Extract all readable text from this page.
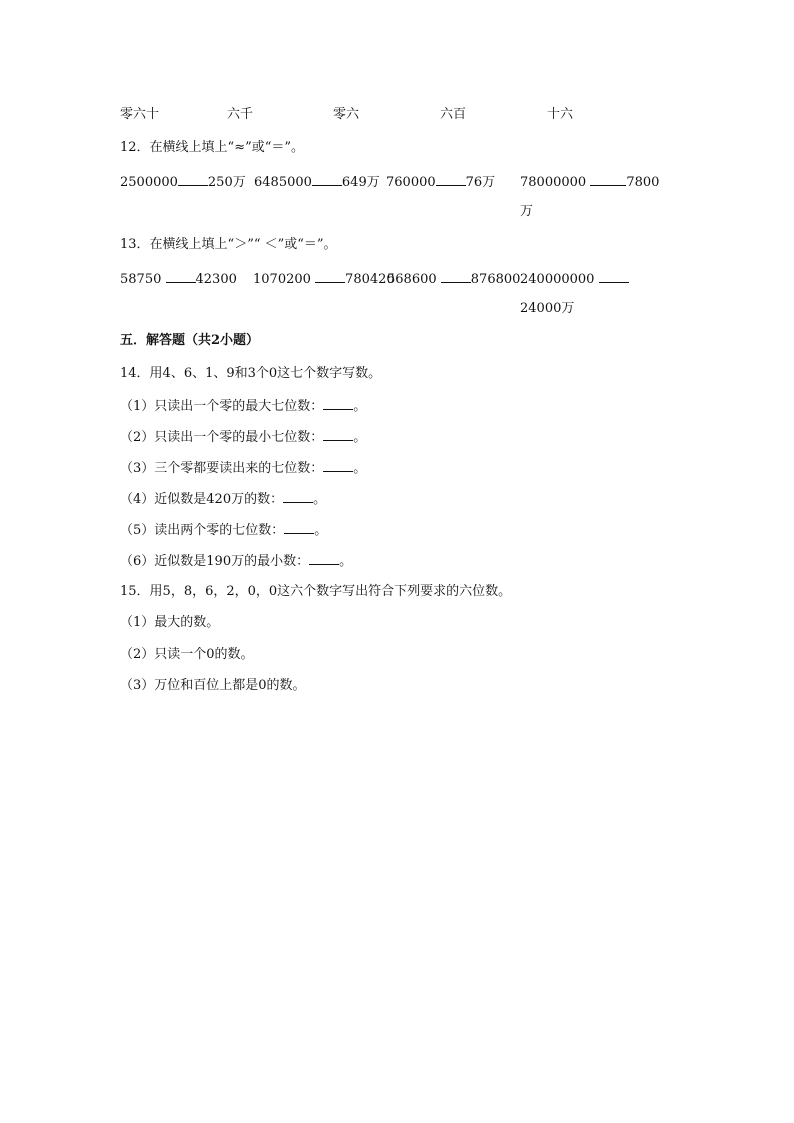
零六十	六千	零六	六百	十六
12．在横线上填上“≈”或“＝”。
2500000 250万 6485000 649万 760000 76万 78000000	7800
万
13．在横线上填上“＞”“ ＜”或“＝”。
58750	42300 1070200	780420
568600	876800 240000000
24000万
五．解答题（共2小题）
14．用4、6、1、9和3个0这七个数字写数。
（1）只读出一个零的最大七位数： 。
（2）只读出一个零的最小七位数： 。
（3）三个零都要读出来的七位数： 。
（4）近似数是420万的数： 。
（5）读出两个零的七位数： 。
（6）近似数是190万的最小数： 。
15．用5，8，6，2，0，0这六个数字写出符合下列要求的六位数。
（1）最大的数。
（2）只读一个0的数。
（3）万位和百位上都是0的数。
